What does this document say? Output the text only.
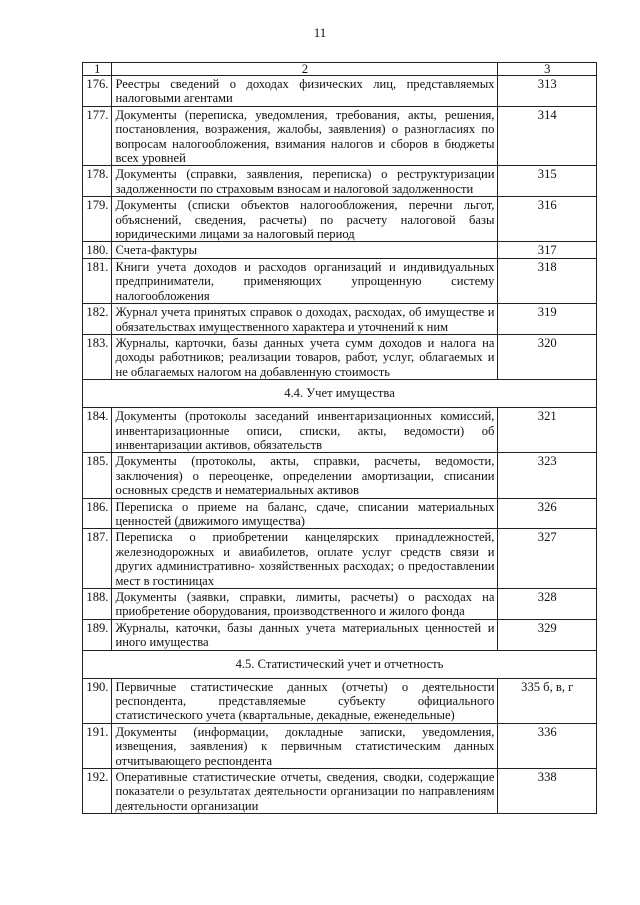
11
1	2	3
176.	Реестры сведений о доходах физических лиц, представляемых налоговыми агентами	313
177.	Документы (переписка, уведомления, требования, акты, решения, постановления, возражения, жалобы, заявления) о разногласиях по вопросам налогообложения, взимания налогов и сборов в бюджеты всех уровней	314
178.	Документы (справки, заявления, переписка) о реструктуризации задолженности по страховым взносам и налоговой задолженности	315
179.	Документы (списки объектов налогообложения, перечни льгот, объяснений, сведения, расчеты) по расчету налоговой базы юридическими лицами за налоговый период	316
180.	Счета-фактуры	317
181.	Книги учета доходов и расходов организаций и индивидуальных предприниматели, применяющих упрощенную систему налогообложения	318
182.	Журнал учета принятых справок о доходах, расходах, об имуществе и обязательствах имущественного характера и уточнений к ним	319
183.	Журналы, карточки, базы данных учета сумм доходов и налога на доходы работников; реализации товаров, работ, услуг, облагаемых и не облагаемых налогом на добавленную стоимость	320
4.4. Учет имущества		
184.	Документы (протоколы заседаний инвентаризационных комиссий, инвентаризационные описи, списки, акты, ведомости) об инвентаризации активов, обязательств	321
185.	Документы (протоколы, акты, справки, расчеты, ведомости, заключения) о переоценке, определении амортизации, списании основных средств и нематериальных активов	323
186.	Переписка о приеме на баланс, сдаче, списании материальных ценностей (движимого имущества)	326
187.	Переписка о приобретении канцелярских принадлежностей, железнодорожных и авиабилетов, оплате услуг средств связи и других административно- хозяйственных расходах; о предоставлении мест в гостиницах	327
188.	Документы (заявки, справки, лимиты, расчеты) о расходах на приобретение оборудования, производственного и жилого фонда	328
189.	Журналы, каточки, базы данных учета материальных ценностей и иного имущества	329
4.5. Статистический учет и отчетность		
190.	Первичные статистические данных (отчеты) о деятельности респондента, представляемые субъекту официального статистического учета (квартальные, декадные, еженедельные)	335 б, в, г
191.	Документы (информации, докладные записки, уведомления, извещения, заявления) к первичным статистическим данных отчитывающего респондента	336
192.	Оперативные статистические отчеты, сведения, сводки, содержащие показатели о результатах деятельности организации по направлениям деятельности организации	338
